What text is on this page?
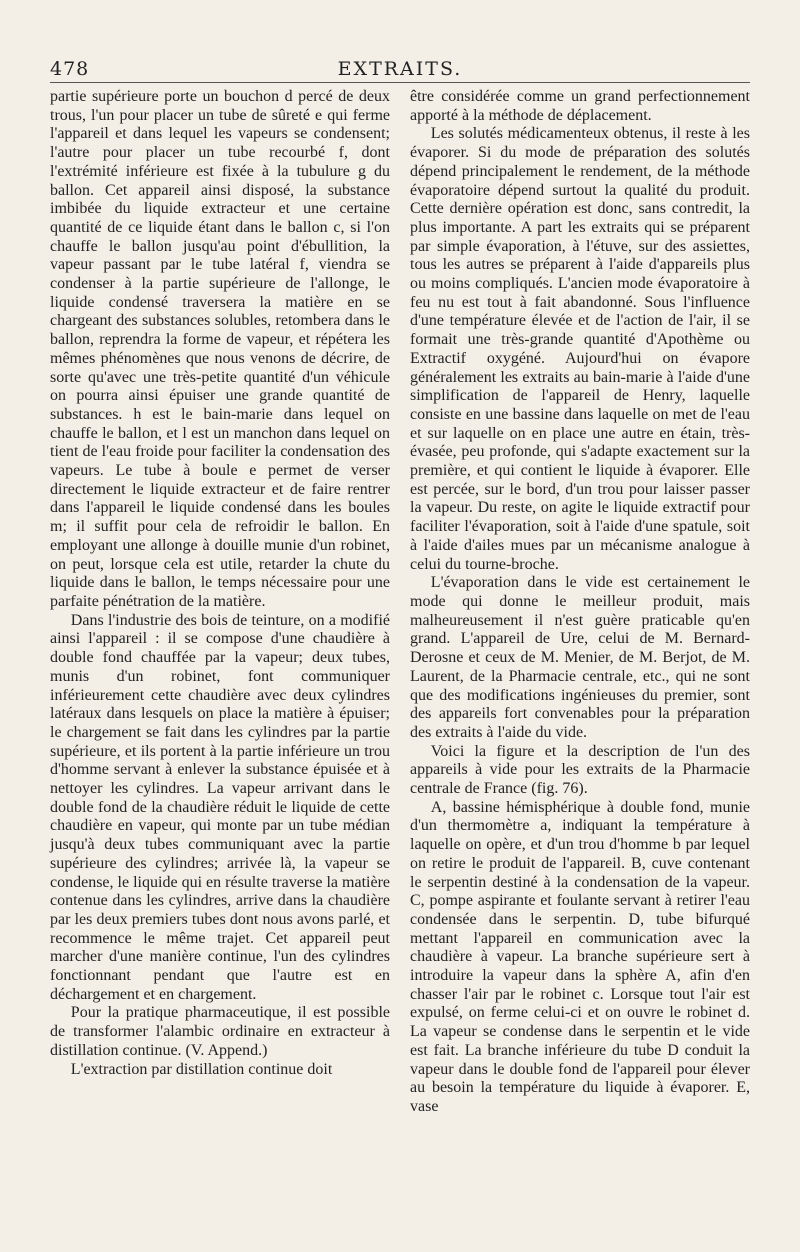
478	EXTRAITS.

partie supérieure porte un bouchon d percé de deux trous, l'un pour placer un tube de sûreté e qui ferme l'appareil et dans lequel les vapeurs se condensent; l'autre pour placer un tube recourbé f, dont l'extrémité inférieure est fixée à la tubulure g du ballon. Cet appareil ainsi disposé, la substance imbibée du liquide extracteur et une certaine quantité de ce liquide étant dans le ballon c, si l'on chauffe le ballon jusqu'au point d'ébullition, la vapeur passant par le tube latéral f, viendra se condenser à la partie supérieure de l'allonge, le liquide condensé traversera la matière en se chargeant des substances solubles, retombera dans le ballon, reprendra la forme de vapeur, et répétera les mêmes phénomènes que nous venons de décrire, de sorte qu'avec une très-petite quantité d'un véhicule on pourra ainsi épuiser une grande quantité de substances. h est le bain-marie dans lequel on chauffe le ballon, et l est un manchon dans lequel on tient de l'eau froide pour faciliter la condensation des vapeurs. Le tube à boule e permet de verser directement le liquide extracteur et de faire rentrer dans l'appareil le liquide condensé dans les boules m; il suffit pour cela de refroidir le ballon. En employant une allonge à douille munie d'un robinet, on peut, lorsque cela est utile, retarder la chute du liquide dans le ballon, le temps nécessaire pour une parfaite pénétration de la matière.

Dans l'industrie des bois de teinture, on a modifié ainsi l'appareil : il se compose d'une chaudière à double fond chauffée par la vapeur; deux tubes, munis d'un robinet, font communiquer inférieurement cette chaudière avec deux cylindres latéraux dans lesquels on place la matière à épuiser; le chargement se fait dans les cylindres par la partie supérieure, et ils portent à la partie inférieure un trou d'homme servant à enlever la substance épuisée et à nettoyer les cylindres. La vapeur arrivant dans le double fond de la chaudière réduit le liquide de cette chaudière en vapeur, qui monte par un tube médian jusqu'à deux tubes communiquant avec la partie supérieure des cylindres; arrivée là, la vapeur se condense, le liquide qui en résulte traverse la matière contenue dans les cylindres, arrive dans la chaudière par les deux premiers tubes dont nous avons parlé, et recommence le même trajet. Cet appareil peut marcher d'une manière continue, l'un des cylindres fonctionnant pendant que l'autre est en déchargement et en chargement.

Pour la pratique pharmaceutique, il est possible de transformer l'alambic ordinaire en extracteur à distillation continue. (V. Append.)

L'extraction par distillation continue doit

être considérée comme un grand perfectionnement apporté à la méthode de déplacement.

Les solutés médicamenteux obtenus, il reste à les évaporer. Si du mode de préparation des solutés dépend principalement le rendement, de la méthode évaporatoire dépend surtout la qualité du produit. Cette dernière opération est donc, sans contredit, la plus importante. A part les extraits qui se préparent par simple évaporation, à l'étuve, sur des assiettes, tous les autres se préparent à l'aide d'appareils plus ou moins compliqués. L'ancien mode évaporatoire à feu nu est tout à fait abandonné. Sous l'influence d'une température élevée et de l'action de l'air, il se formait une très-grande quantité d'Apothème ou Extractif oxygéné. Aujourd'hui on évapore généralement les extraits au bain-marie à l'aide d'une simplification de l'appareil de Henry, laquelle consiste en une bassine dans laquelle on met de l'eau et sur laquelle on en place une autre en étain, très-évasée, peu profonde, qui s'adapte exactement sur la première, et qui contient le liquide à évaporer. Elle est percée, sur le bord, d'un trou pour laisser passer la vapeur. Du reste, on agite le liquide extractif pour faciliter l'évaporation, soit à l'aide d'une spatule, soit à l'aide d'ailes mues par un mécanisme analogue à celui du tourne-broche.

L'évaporation dans le vide est certainement le mode qui donne le meilleur produit, mais malheureusement il n'est guère praticable qu'en grand. L'appareil de Ure, celui de M. Bernard-Derosne et ceux de M. Menier, de M. Berjot, de M. Laurent, de la Pharmacie centrale, etc., qui ne sont que des modifications ingénieuses du premier, sont des appareils fort convenables pour la préparation des extraits à l'aide du vide.

Voici la figure et la description de l'un des appareils à vide pour les extraits de la Pharmacie centrale de France (fig. 76).

A, bassine hémisphérique à double fond, munie d'un thermomètre a, indiquant la température à laquelle on opère, et d'un trou d'homme b par lequel on retire le produit de l'appareil. B, cuve contenant le serpentin destiné à la condensation de la vapeur. C, pompe aspirante et foulante servant à retirer l'eau condensée dans le serpentin. D, tube bifurqué mettant l'appareil en communication avec la chaudière à vapeur. La branche supérieure sert à introduire la vapeur dans la sphère A, afin d'en chasser l'air par le robinet c. Lorsque tout l'air est expulsé, on ferme celui-ci et on ouvre le robinet d. La vapeur se condense dans le serpentin et le vide est fait. La branche inférieure du tube D conduit la vapeur dans le double fond de l'appareil pour élever au besoin la température du liquide à évaporer. E, vase
